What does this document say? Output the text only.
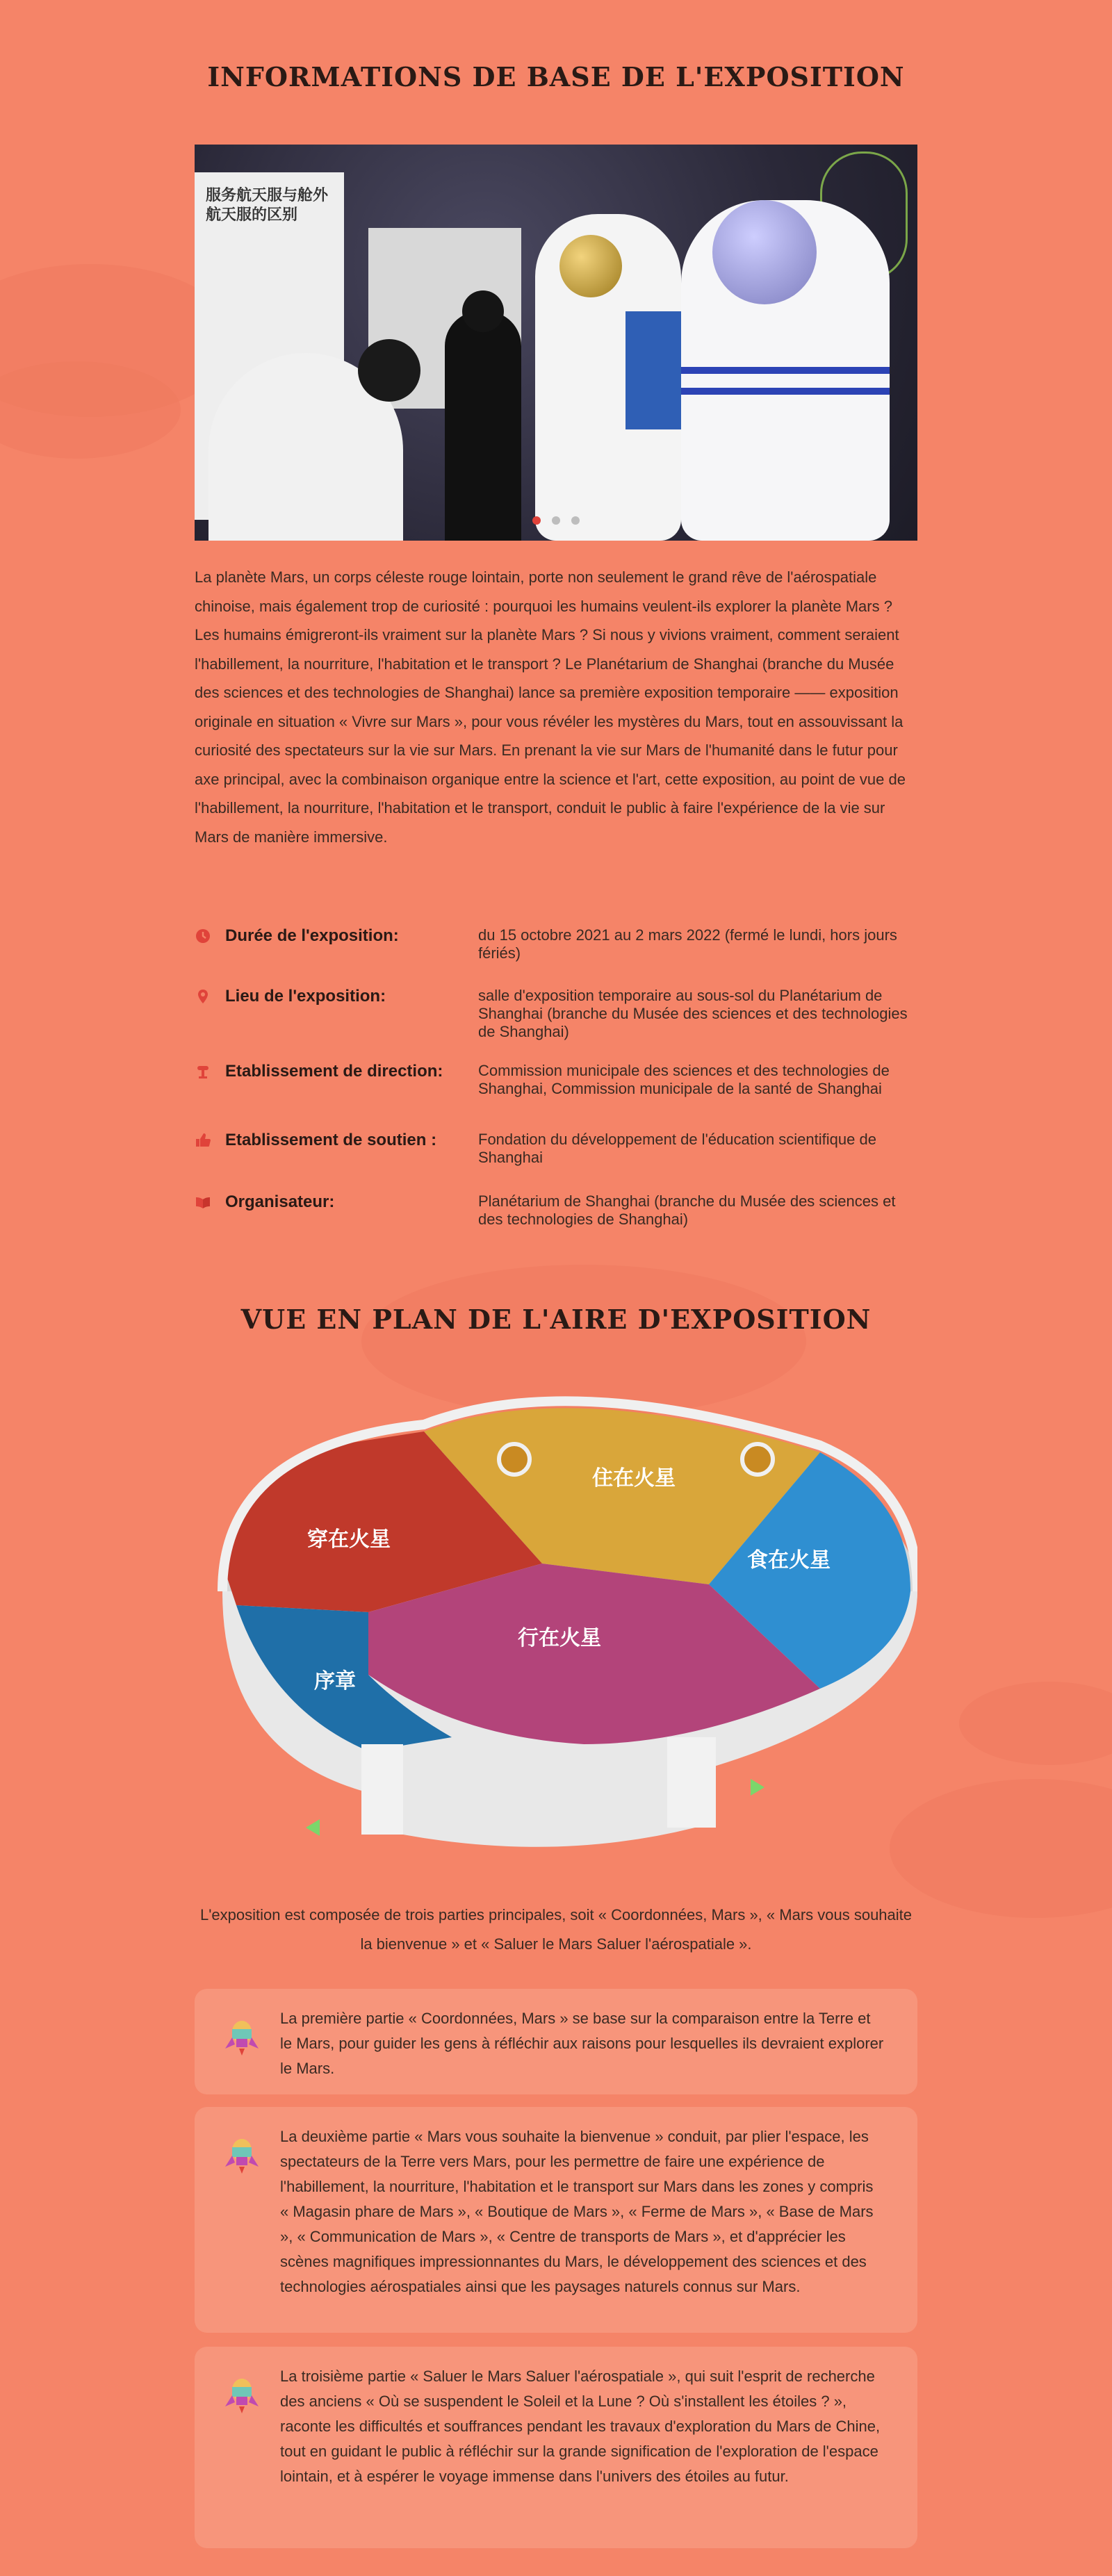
INFORMATIONS DE BASE DE L'EXPOSITION
服务航天服与舱外航天服的区别

La planète Mars, un corps céleste rouge lointain, porte non seulement le grand rêve de l'aérospatiale chinoise, mais également trop de curiosité : pourquoi les humains veulent-ils explorer la planète Mars ? Les humains émigreront-ils vraiment sur la planète Mars ? Si nous y vivions vraiment, comment seraient l'habillement, la nourriture, l'habitation et le transport ? Le Planétarium de Shanghai (branche du Musée des sciences et des technologies de Shanghai) lance sa première exposition temporaire —— exposition originale en situation « Vivre sur Mars », pour vous révéler les mystères du Mars, tout en assouvissant la curiosité des spectateurs sur la vie sur Mars. En prenant la vie sur Mars de l'humanité dans le futur pour axe principal, avec la combinaison organique entre la science et l'art, cette exposition, au point de vue de l'habillement, la nourriture, l'habitation et le transport, conduit le public à faire l'expérience de la vie sur Mars de manière immersive.

Durée de l'exposition:	du 15 octobre 2021 au 2 mars 2022 (fermé le lundi, hors jours fériés)
Lieu de l'exposition:	salle d'exposition temporaire au sous-sol du Planétarium de Shanghai (branche du Musée des sciences et des technologies de Shanghai)
Etablissement de direction: Commission municipale des sciences et des technologies de Shanghai, Commission municipale de la santé de Shanghai
Etablissement de soutien :	Fondation du développement de l'éducation scientifique de Shanghai
Organisateur:	Planétarium de Shanghai (branche du Musée des sciences et des technologies de Shanghai)
VUE EN PLAN DE L'AIRE D'EXPOSITION
住在火星
穿在火星
食在火星
行在火星
序章

L'exposition est composée de trois parties principales, soit « Coordonnées, Mars », « Mars vous souhaite la bienvenue » et « Saluer le Mars Saluer l'aérospatiale ».

La première partie « Coordonnées, Mars » se base sur la comparaison entre la Terre et le Mars, pour guider les gens à réfléchir aux raisons pour lesquelles ils devraient explorer le Mars.
La deuxième partie « Mars vous souhaite la bienvenue » conduit, par plier l'espace, les spectateurs de la Terre vers Mars, pour les permettre de faire une expérience de l'habillement, la nourriture, l'habitation et le transport sur Mars dans les zones y compris « Magasin phare de Mars », « Boutique de Mars », « Ferme de Mars », « Base de Mars », « Communication de Mars », « Centre de transports de Mars », et d'apprécier les scènes magnifiques impressionnantes du Mars, le développement des sciences et des technologies aérospatiales ainsi que les paysages naturels connus sur Mars.
La troisième partie « Saluer le Mars Saluer l'aérospatiale », qui suit l'esprit de recherche des anciens « Où se suspendent le Soleil et la Lune ? Où s'installent les étoiles ? », raconte les difficultés et souffrances pendant les travaux d'exploration du Mars de Chine, tout en guidant le public à réfléchir sur la grande signification de l'exploration de l'espace lointain, et à espérer le voyage immense dans l'univers des étoiles au futur.
